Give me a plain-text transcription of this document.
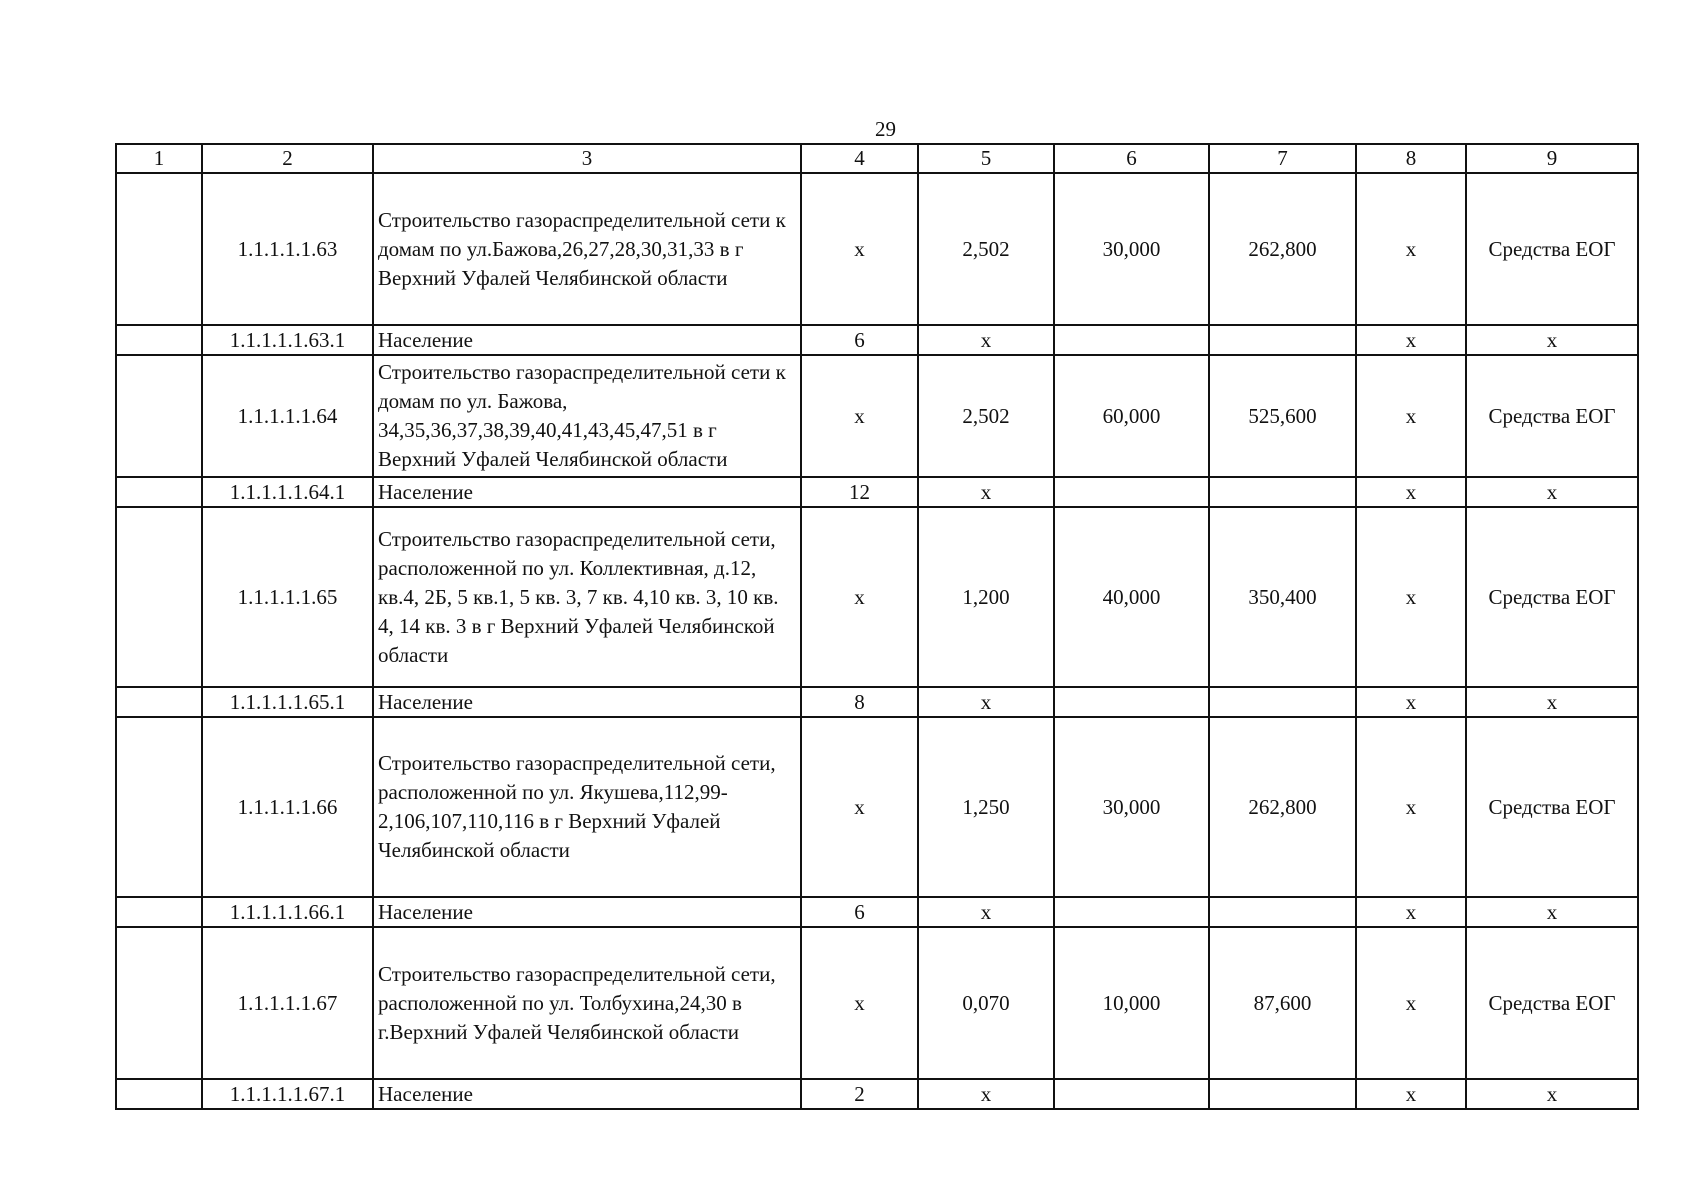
29
1	2	3	4	5	6	7	8	9
	1.1.1.1.1.63	Строительство газораспределительной сети к домам по ул.Бажова,26,27,28,30,31,33 в г Верхний Уфалей Челябинской области	х	2,502	30,000	262,800	х	Средства ЕОГ
	1.1.1.1.1.63.1	Население	6	х			х	х
	1.1.1.1.1.64	Строительство газораспределительной сети к домам по ул. Бажова, 34,35,36,37,38,39,40,41,43,45,47,51 в г Верхний Уфалей Челябинской области	х	2,502	60,000	525,600	х	Средства ЕОГ
	1.1.1.1.1.64.1	Население	12	х			х	х
	1.1.1.1.1.65	Строительство газораспределительной сети, расположенной по ул. Коллективная, д.12, кв.4, 2Б, 5 кв.1, 5 кв. 3, 7 кв. 4,10 кв. 3, 10 кв. 4, 14 кв. 3 в г Верхний Уфалей Челябинской области	х	1,200	40,000	350,400	х	Средства ЕОГ
	1.1.1.1.1.65.1	Население	8	х			х	х
	1.1.1.1.1.66	Строительство газораспределительной сети, расположенной по ул. Якушева,112,99-2,106,107,110,116 в г Верхний Уфалей Челябинской области	х	1,250	30,000	262,800	х	Средства ЕОГ
	1.1.1.1.1.66.1	Население	6	х			х	х
	1.1.1.1.1.67	Строительство газораспределительной сети, расположенной по ул. Толбухина,24,30 в г.Верхний Уфалей Челябинской области	х	0,070	10,000	87,600	х	Средства ЕОГ
	1.1.1.1.1.67.1	Население	2	х			х	х
